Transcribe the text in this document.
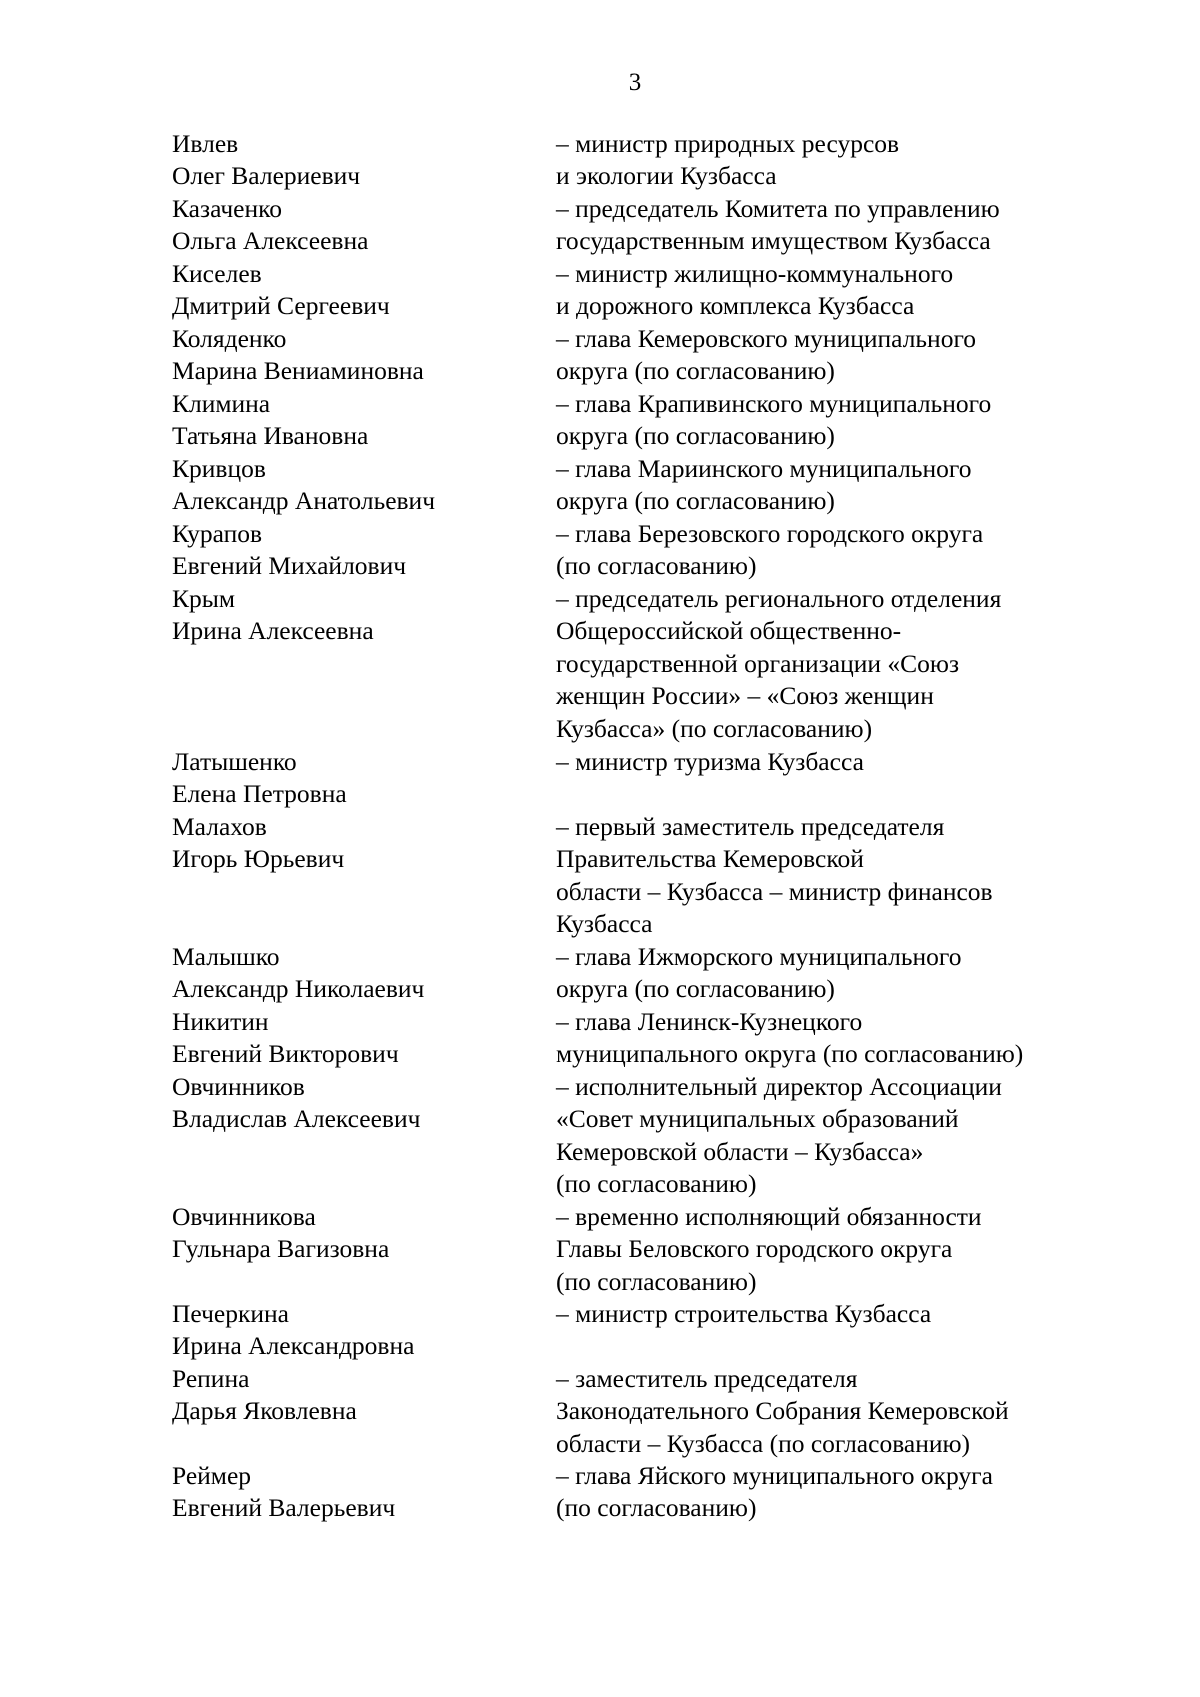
3
Ивлев
Олег Валериевич
– министр природных ресурсов
и экологии Кузбасса
Казаченко
Ольга Алексеевна
– председатель Комитета по управлению
государственным имуществом Кузбасса
Киселев
Дмитрий Сергеевич
– министр жилищно-коммунального
и дорожного комплекса Кузбасса
Коляденко
Марина Вениаминовна
– глава Кемеровского муниципального
округа (по согласованию)
Климина
Татьяна Ивановна
– глава Крапивинского муниципального
округа (по согласованию)
Кривцов
Александр Анатольевич
– глава Мариинского муниципального
округа (по согласованию)
Курапов
Евгений Михайлович
– глава Березовского городского округа
(по согласованию)
Крым
Ирина Алексеевна
– председатель регионального отделения
Общероссийской общественно-
государственной организации «Союз
женщин России» – «Союз женщин
Кузбасса» (по согласованию)
Латышенко
Елена Петровна
– министр туризма Кузбасса
Малахов
Игорь Юрьевич
– первый заместитель председателя
Правительства Кемеровской
области – Кузбасса – министр финансов
Кузбасса
Малышко
Александр Николаевич
– глава Ижморского муниципального
округа (по согласованию)
Никитин
Евгений Викторович
– глава Ленинск-Кузнецкого
муниципального округа (по согласованию)
Овчинников
Владислав Алексеевич
– исполнительный директор Ассоциации
«Совет муниципальных образований
Кемеровской области – Кузбасса»
(по согласованию)
Овчинникова
Гульнара Вагизовна
– временно исполняющий обязанности
Главы Беловского городского округа
(по согласованию)
Печеркина
Ирина Александровна
– министр строительства Кузбасса
Репина
Дарья Яковлевна
– заместитель председателя
Законодательного Собрания Кемеровской
области – Кузбасса (по согласованию)
Реймер
Евгений Валерьевич
– глава Яйского муниципального округа
(по согласованию)
